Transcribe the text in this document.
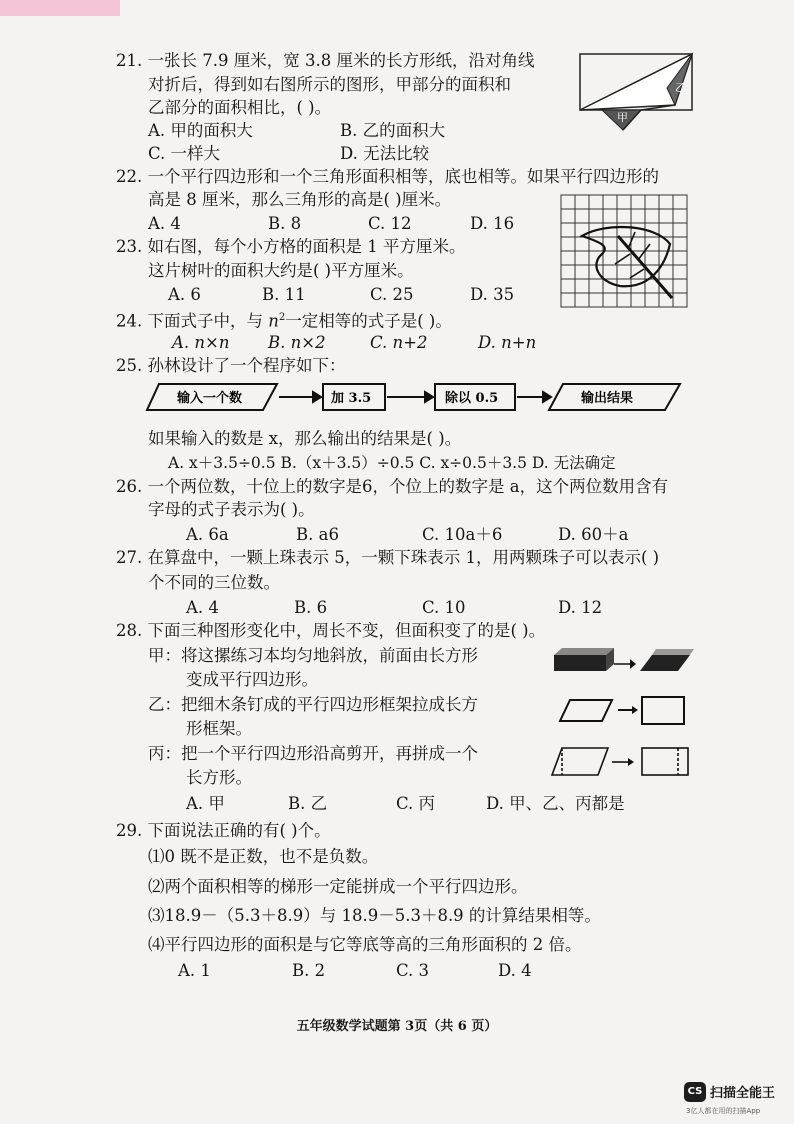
21. 一张长 7.9 厘米，宽 3.8 厘米的长方形纸，沿对角线
对折后，得到如右图所示的图形，甲部分的面积和
乙部分的面积相比，( )。
A. 甲的面积大	B. 乙的面积大
C. 一样大	D. 无法比较
甲
乙
22. 一个平行四边形和一个三角形面积相等，底也相等。如果平行四边形的
高是 8 厘米，那么三角形的高是( )厘米。
A. 4	B. 8	C. 12	D. 16
23. 如右图，每个小方格的面积是 1 平方厘米。
这片树叶的面积大约是( )平方厘米。
A. 6	B. 11	C. 25	D. 35
24. 下面式子中，与 $n^2$一定相等的式子是( )。
A. n×n B. n×2	C. n+2	D. n+n
25. 孙林设计了一个程序如下：
输入一个数	加 3.5	除以 0.5	输出结果
如果输入的数是 x，那么输出的结果是( )。
A. x＋3.5÷0.5 B.（x＋3.5）÷0.5 C. x÷0.5＋3.5 D. 无法确定
26. 一个两位数，十位上的数字是6，个位上的数字是 a，这个两位数用含有
字母的式子表示为( )。
A. 6a	B. a6	C. 10a＋6	D. 60＋a
27. 在算盘中，一颗上珠表示 5，一颗下珠表示 1，用两颗珠子可以表示( )
个不同的三位数。
A. 4	B. 6	C. 10	D. 12
28. 下面三种图形变化中，周长不变，但面积变了的是( )。
甲：将这摞练习本均匀地斜放，前面由长方形
变成平行四边形。
乙：把细木条钉成的平行四边形框架拉成长方
形框架。
丙：把一个平行四边形沿高剪开，再拼成一个
长方形。
A. 甲	B. 乙	C. 丙	D. 甲、乙、丙都是
29. 下面说法正确的有( )个。
⑴0 既不是正数，也不是负数。
⑵两个面积相等的梯形一定能拼成一个平行四边形。
⑶18.9－（5.3＋8.9）与 18.9－5.3＋8.9 的计算结果相等。
⑷平行四边形的面积是与它等底等高的三角形面积的 2 倍。
A. 1	B. 2	C. 3	D. 4
五年级数学试题第 3页（共 6 页）
CS 扫描全能王
3亿人都在用的扫描App
